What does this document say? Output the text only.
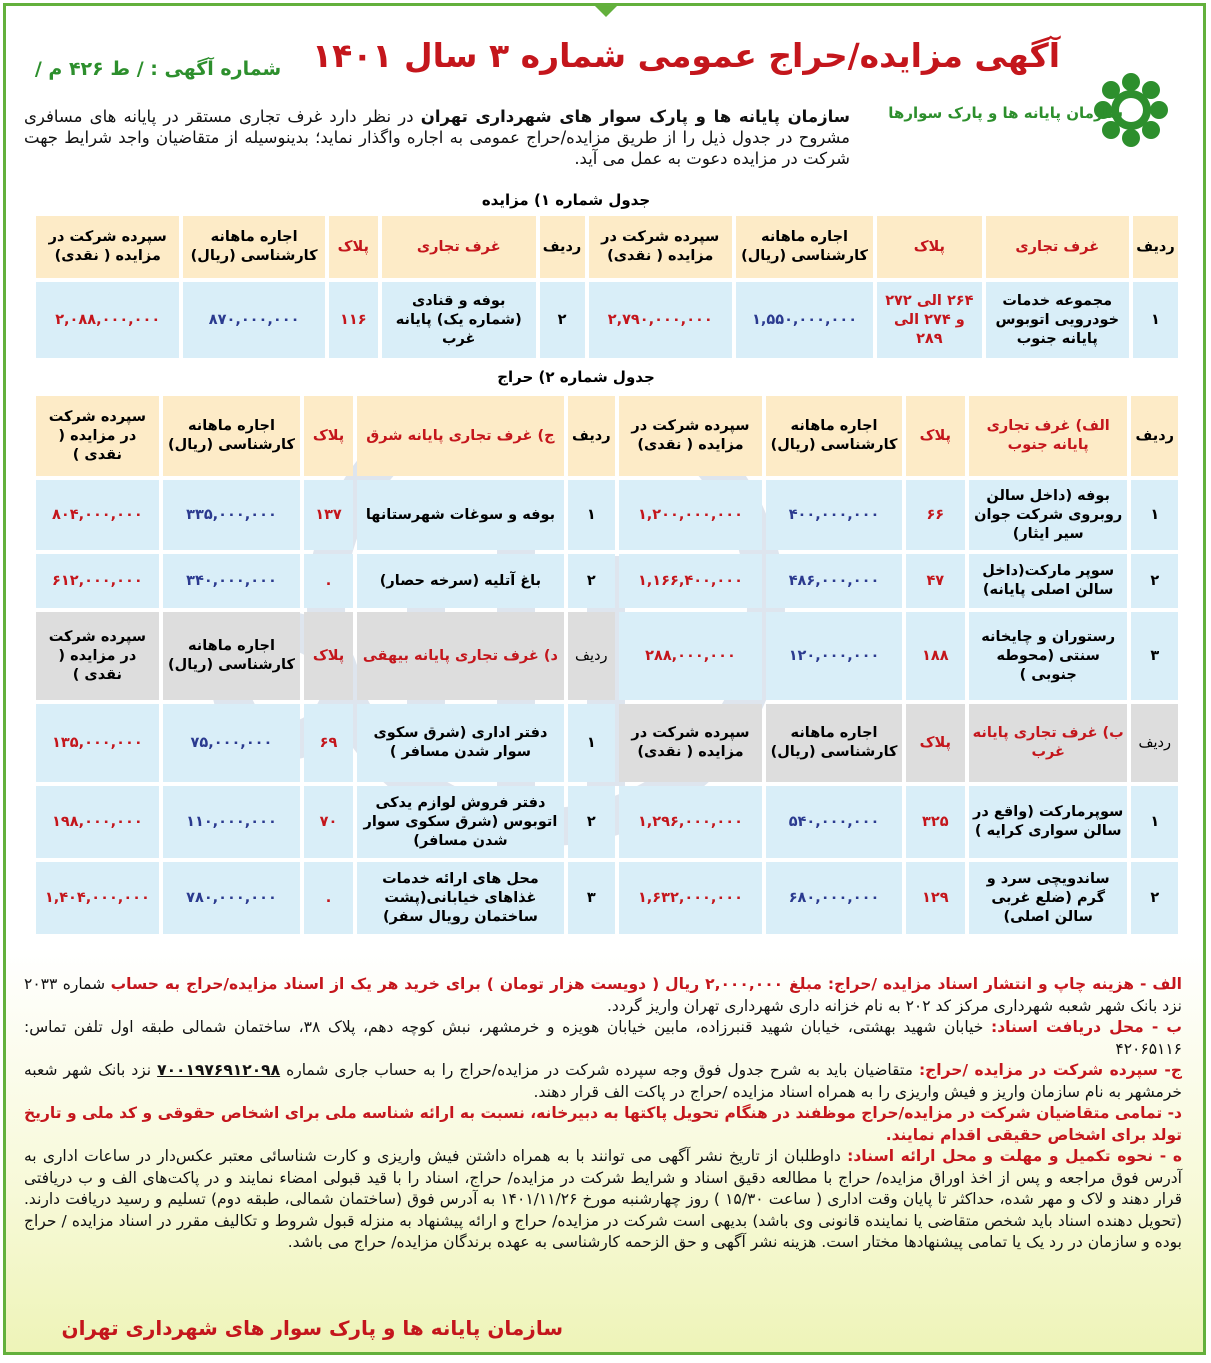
آگهی مزایده/حراج عمومی شماره ۳ سال ۱۴۰۱
شماره آگهی : / ط ۴۲۶ م /
سازمان پایانه ها و پارک سوارها
سازمان پایانه ها و پارک سوار های شهرداری تهران در نظر دارد غرف تجاری مستقر در پایانه های مسافری مشروح در جدول ذیل را از طریق مزایده/حراج عمومی به اجاره واگذار نماید؛ بدینوسیله از متقاضیان واجد شرایط جهت شرکت در مزایده دعوت به عمل می آید.
جدول شماره ۱) مزایده
ردیف	غرف تجاری	پلاک	اجاره ماهانه کارشناسی (ریال)	سپرده شرکت در مزایده ( نقدی)	ردیف	غرف تجاری	پلاک	اجاره ماهانه کارشناسی (ریال)	سپرده شرکت در مزایده ( نقدی)
۱	مجموعه خدمات خودرویی اتوبوس پایانه جنوب	۲۶۴ الی ۲۷۲ و ۲۷۴ الی ۲۸۹	۱,۵۵۰,۰۰۰,۰۰۰	۲,۷۹۰,۰۰۰,۰۰۰	۲	بوفه و قنادی (شماره یک) پایانه غرب	۱۱۶	۸۷۰,۰۰۰,۰۰۰	۲,۰۸۸,۰۰۰,۰۰۰
جدول شماره ۲) حراج
ردیف	الف) غرف تجاری پایانه جنوب	پلاک	اجاره ماهانه کارشناسی (ریال)	سپرده شرکت در مزایده ( نقدی)	ردیف	ج) غرف تجاری پایانه شرق	پلاک	اجاره ماهانه کارشناسی (ریال)	سپرده شرکت در مزایده ( نقدی )
۱	بوفه (داخل سالن روبروی شرکت جوان سیر ایثار)	۶۶	۴۰۰,۰۰۰,۰۰۰	۱,۲۰۰,۰۰۰,۰۰۰	۱	بوفه و سوغات شهرستانها	۱۳۷	۳۳۵,۰۰۰,۰۰۰	۸۰۴,۰۰۰,۰۰۰
۲	سوپر مارکت(داخل سالن اصلی پایانه)	۴۷	۴۸۶,۰۰۰,۰۰۰	۱,۱۶۶,۴۰۰,۰۰۰	۲	باغ آتلیه (سرخه حصار)	.	۳۴۰,۰۰۰,۰۰۰	۶۱۲,۰۰۰,۰۰۰
۳	رستوران و چایخانه سنتی (محوطه جنوبی )	۱۸۸	۱۲۰,۰۰۰,۰۰۰	۲۸۸,۰۰۰,۰۰۰	ردیف	د) غرف تجاری پایانه بیهقی	پلاک	اجاره ماهانه کارشناسی (ریال)	سپرده شرکت در مزایده ( نقدی )
ردیف	ب) غرف تجاری پایانه غرب	پلاک	اجاره ماهانه کارشناسی (ریال)	سپرده شرکت در مزایده ( نقدی)	۱	دفتر اداری (شرق سکوی سوار شدن مسافر )	۶۹	۷۵,۰۰۰,۰۰۰	۱۳۵,۰۰۰,۰۰۰
۱	سوپرمارکت (واقع در سالن سواری کرایه )	۳۲۵	۵۴۰,۰۰۰,۰۰۰	۱,۲۹۶,۰۰۰,۰۰۰	۲	دفتر فروش لوازم یدکی اتوبوس (شرق سکوی سوار شدن مسافر)	۷۰	۱۱۰,۰۰۰,۰۰۰	۱۹۸,۰۰۰,۰۰۰
۲	ساندویچی سرد و گرم (ضلع غربی سالن اصلی)	۱۲۹	۶۸۰,۰۰۰,۰۰۰	۱,۶۳۲,۰۰۰,۰۰۰	۳	محل های ارائه خدمات غذاهای خیابانی(پشت ساختمان رویال سفر)	.	۷۸۰,۰۰۰,۰۰۰	۱,۴۰۴,۰۰۰,۰۰۰

الف - هزینه چاپ و انتشار اسناد مزایده /حراج: مبلغ ۲,۰۰۰,۰۰۰ ریال ( دویست هزار تومان ) برای خرید هر یک از اسناد مزایده/حراج به حساب شماره ۲۰۳۳ نزد بانک شهر شعبه شهرداری مرکز کد ۲۰۲ به نام خزانه داری شهرداری تهران واریز گردد.

ب - محل دریافت اسناد: خیابان شهید بهشتی، خیابان شهید قنبرزاده، مابین خیابان هویزه و خرمشهر، نبش کوچه دهم، پلاک ۳۸، ساختمان شمالی طبقه اول تلفن تماس: ۴۲۰۶۵۱۱۶

ج- سپرده شرکت در مزایده /حراج: متقاضیان باید به شرح جدول فوق وجه سپرده شرکت در مزایده/حراج را به حساب جاری شماره ۷۰۰۱۹۷۶۹۱۲۰۹۸ نزد بانک شهر شعبه خرمشهر به نام سازمان واریز و فیش واریزی را به همراه اسناد مزایده /حراج در پاکت الف قرار دهند.

د- تمامی متقاضیان شرکت در مزایده/حراج موظفند در هنگام تحویل پاکتها به دبیرخانه، نسبت به ارائه شناسه ملی برای اشخاص حقوقی و کد ملی و تاریخ تولد برای اشخاص حقیقی اقدام نمایند.

ه - نحوه تکمیل و مهلت و محل ارائه اسناد: داوطلبان از تاریخ نشر آگهی می توانند با به همراه داشتن فیش واریزی و کارت شناسائی معتبر عکس‌دار در ساعات اداری به آدرس فوق مراجعه و پس از اخذ اوراق مزایده/ حراج با مطالعه دقیق اسناد و شرایط شرکت در مزایده/ حراج، اسناد را با قید قبولی امضاء نمایند و در پاکت‌های الف و ب دریافتی قرار دهند و لاک و مهر شده، حداکثر تا پایان وقت اداری ( ساعت ۱۵/۳۰ ) روز چهارشنبه مورخ ۱۴۰۱/۱۱/۲۶ به آدرس فوق (ساختمان شمالی، طبقه دوم) تسلیم و رسید دریافت دارند. (تحویل دهنده اسناد باید شخص متقاضی یا نماینده قانونی وی باشد) بدیهی است شرکت در مزایده/ حراج و ارائه پیشنهاد به منزله قبول شروط و تکالیف مقرر در اسناد مزایده / حراج بوده و سازمان در رد یک یا تمامی پیشنهادها مختار است. هزینه نشر آگهی و حق الزحمه کارشناسی به عهده برندگان مزایده/ حراج می باشد.

سازمان پایانه ها و پارک سوار های شهرداری تهران
